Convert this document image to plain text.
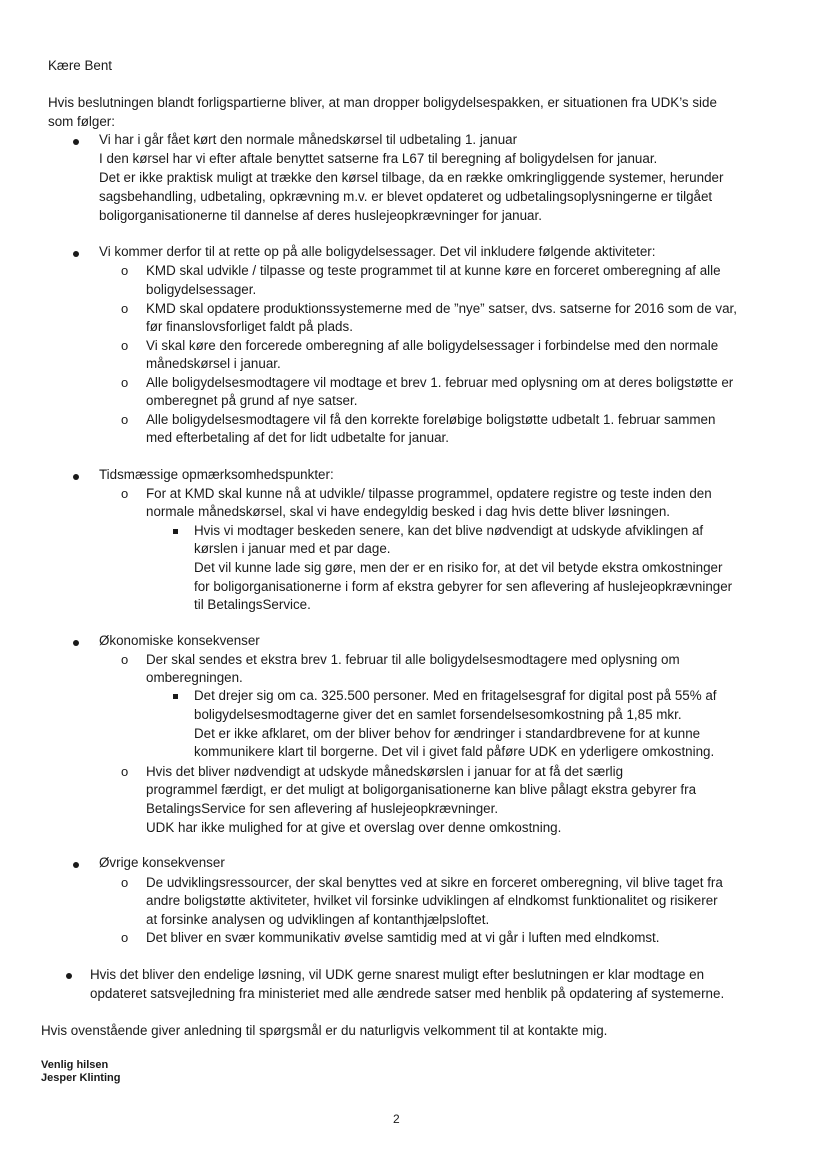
Kære Bent
Hvis beslutningen blandt forligspartierne bliver, at man dropper boligydelsespakken, er situationen fra UDK’s side
som følger:
Vi har i går fået kørt den normale månedskørsel til udbetaling 1. januar
I den kørsel har vi efter aftale benyttet satserne fra L67 til beregning af boligydelsen for januar.
Det er ikke praktisk muligt at trække den kørsel tilbage, da en række omkringliggende systemer, herunder
sagsbehandling, udbetaling, opkrævning m.v. er blevet opdateret og udbetalingsoplysningerne er tilgået
boligorganisationerne til dannelse af deres huslejeopkrævninger for januar.
Vi kommer derfor til at rette op på alle boligydelsessager. Det vil inkludere følgende aktiviteter:
o KMD skal udvikle / tilpasse og teste programmet til at kunne køre en forceret omberegning af alle
boligydelsessager.
o KMD skal opdatere produktionssystemerne med de ”nye” satser, dvs. satserne for 2016 som de var,
før finanslovsforliget faldt på plads.
o Vi skal køre den forcerede omberegning af alle boligydelsessager i forbindelse med den normale
månedskørsel i januar.
o Alle boligydelsesmodtagere vil modtage et brev 1. februar med oplysning om at deres boligstøtte er
omberegnet på grund af nye satser.
o Alle boligydelsesmodtagere vil få den korrekte foreløbige boligstøtte udbetalt 1. februar sammen
med efterbetaling af det for lidt udbetalte for januar.
Tidsmæssige opmærksomhedspunkter:
o For at KMD skal kunne nå at udvikle/ tilpasse programmel, opdatere registre og teste inden den
normale månedskørsel, skal vi have endegyldig besked i dag hvis dette bliver løsningen.
Hvis vi modtager beskeden senere, kan det blive nødvendigt at udskyde afviklingen af
kørslen i januar med et par dage.
Det vil kunne lade sig gøre, men der er en risiko for, at det vil betyde ekstra omkostninger
for boligorganisationerne i form af ekstra gebyrer for sen aflevering af huslejeopkrævninger
til BetalingsService.
Økonomiske konsekvenser
o Der skal sendes et ekstra brev 1. februar til alle boligydelsesmodtagere med oplysning om
omberegningen.
Det drejer sig om ca. 325.500 personer. Med en fritagelsesgraf for digital post på 55% af
boligydelsesmodtagerne giver det en samlet forsendelsesomkostning på 1,85 mkr.
Det er ikke afklaret, om der bliver behov for ændringer i standardbrevene for at kunne
kommunikere klart til borgerne. Det vil i givet fald påføre UDK en yderligere omkostning.
o Hvis det bliver nødvendigt at udskyde månedskørslen i januar for at få det særlig
programmel færdigt, er det muligt at boligorganisationerne kan blive pålagt ekstra gebyrer fra
BetalingsService for sen aflevering af huslejeopkrævninger.
UDK har ikke mulighed for at give et overslag over denne omkostning.
Øvrige konsekvenser
o De udviklingsressourcer, der skal benyttes ved at sikre en forceret omberegning, vil blive taget fra
andre boligstøtte aktiviteter, hvilket vil forsinke udviklingen af elndkomst funktionalitet og risikerer
at forsinke analysen og udviklingen af kontanthjælpsloftet.
o Det bliver en svær kommunikativ øvelse samtidig med at vi går i luften med elndkomst.
Hvis det bliver den endelige løsning, vil UDK gerne snarest muligt efter beslutningen er klar modtage en
opdateret satsvejledning fra ministeriet med alle ændrede satser med henblik på opdatering af systemerne.
Hvis ovenstående giver anledning til spørgsmål er du naturligvis velkomment til at kontakte mig.
Venlig hilsen
Jesper Klinting
2
